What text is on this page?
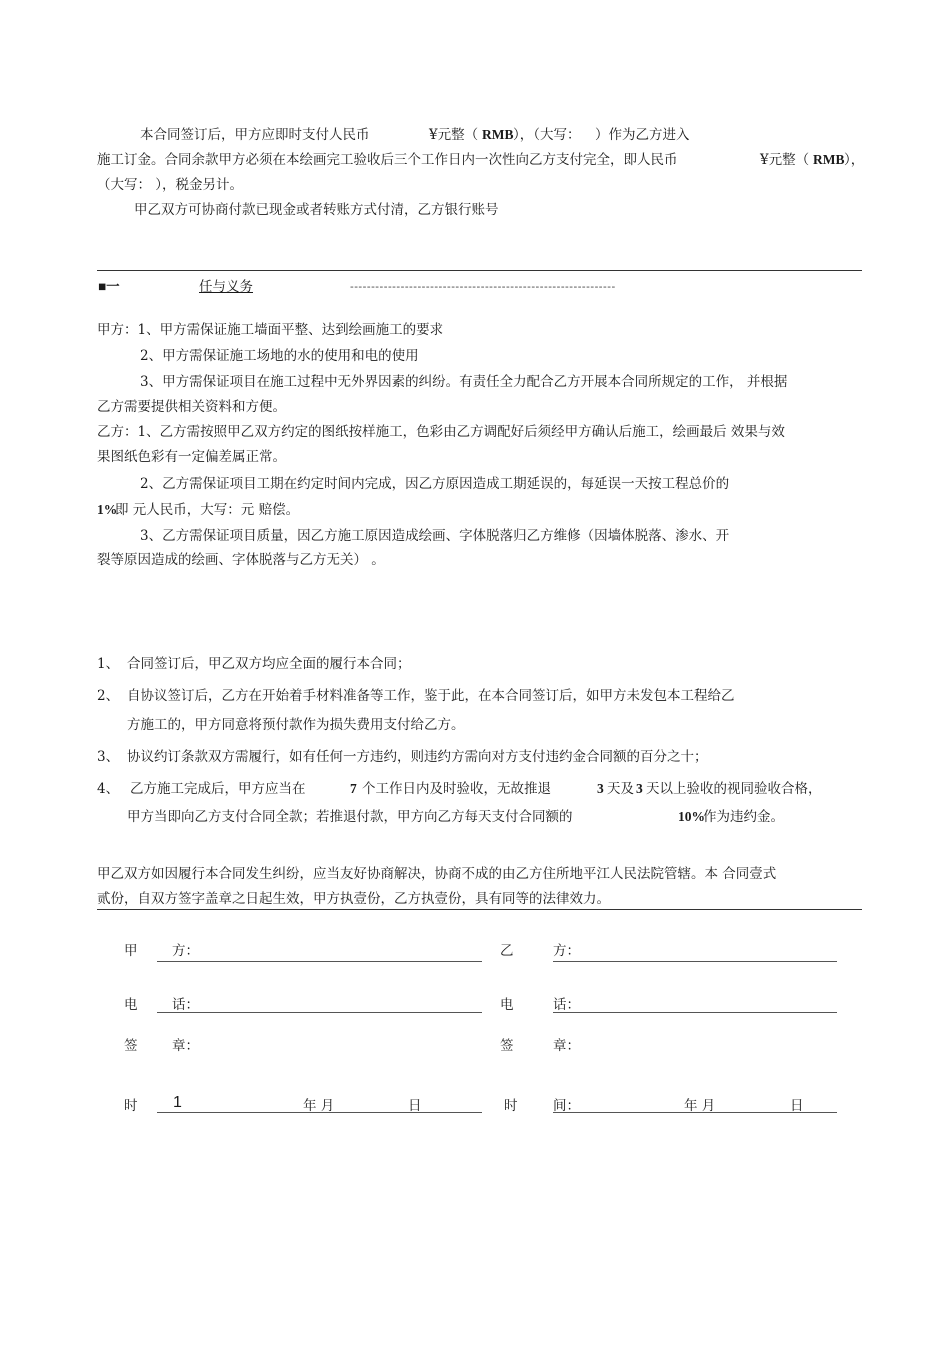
本合同签订后，甲方应即时支付人民币	¥元整（ RMB ），（大写： ）作为乙方进入
施工订金。合同余款甲方必须在本绘画完工验收后三个工作日内一次性向乙方支付完全，即人民币	¥元整（ RMB ），
（大写： ），税金另计。
甲乙双方可协商付款已现金或者转账方式付清，乙方银行账号
■一	任与义务	---------------------------------------------------------------
甲方：1、甲方需保证施工墙面平整、达到绘画施工的要求
2、甲方需保证施工场地的水的使用和电的使用
3、甲方需保证项目在施工过程中无外界因素的纠纷。有责任全力配合乙方开展本合同所规定的工作， 并根据
乙方需要提供相关资料和方便。
乙方：1、乙方需按照甲乙双方约定的图纸按样施工，色彩由乙方调配好后须经甲方确认后施工，绘画最后 效果与效
果图纸色彩有一定偏差属正常。
2、乙方需保证项目工期在约定时间内完成，因乙方原因造成工期延误的，每延误一天按工程总价的
1%
即 元人民币，大写：元 赔偿。
3、乙方需保证项目质量，因乙方施工原因造成绘画、字体脱落归乙方维修（因墙体脱落、渗水、开
裂等原因造成的绘画、字体脱落与乙方无关） 。
1、 合同签订后，甲乙双方均应全面的履行本合同；
2、 自协议签订后，乙方在开始着手材料准备等工作，鉴于此，在本合同签订后，如甲方未发包本工程给乙
方施工的，甲方同意将预付款作为损失费用支付给乙方。
3、 协议约订条款双方需履行，如有任何一方违约，则违约方需向对方支付违约金合同额的百分之十；
4、 乙方施工完成后，甲方应当在	7 个工作日内及时验收，无故推退	3 天及 3 天以上验收的视同验收合格，
甲方当即向乙方支付合同全款；若推退付款，甲方向乙方每天支付合同额的	10%
作为违约金。
甲乙双方如因履行本合同发生纠纷，应当友好协商解决，协商不成的由乙方住所地平江人民法院管辖。本 合同壹式
贰份，自双方签字盖章之日起生效，甲方执壹份，乙方执壹份，具有同等的法律效力。
甲	方：	乙	方：
电	话：	电	话：
签	章：	签	章：
时 1	年 月	日	时	间：	年 月	日
